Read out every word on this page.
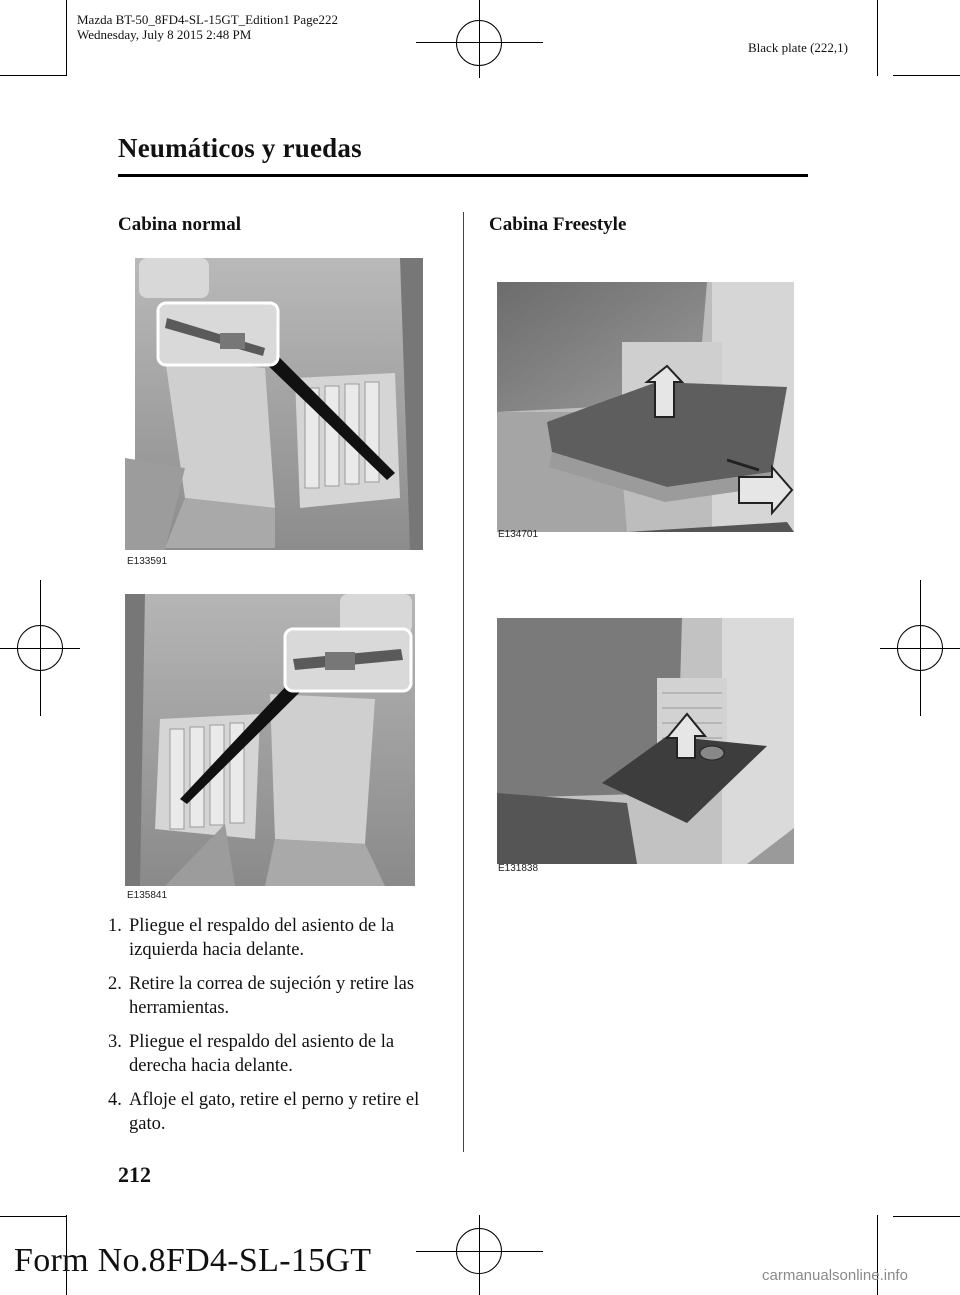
Mazda BT-50_8FD4-SL-15GT_Edition1 Page222
Wednesday, July 8 2015 2:48 PM
Black plate (222,1)
Neumáticos y ruedas
Cabina normal
E133591
E135841
1. Pliegue el respaldo del asiento de la izquierda hacia delante.
2. Retire la correa de sujeción y retire las herramientas.
3. Pliegue el respaldo del asiento de la derecha hacia delante.
4. Afloje el gato, retire el perno y retire el gato.
Cabina Freestyle
E134701
E131838
212
Form No.8FD4-SL-15GT	carmanualsonline.info
